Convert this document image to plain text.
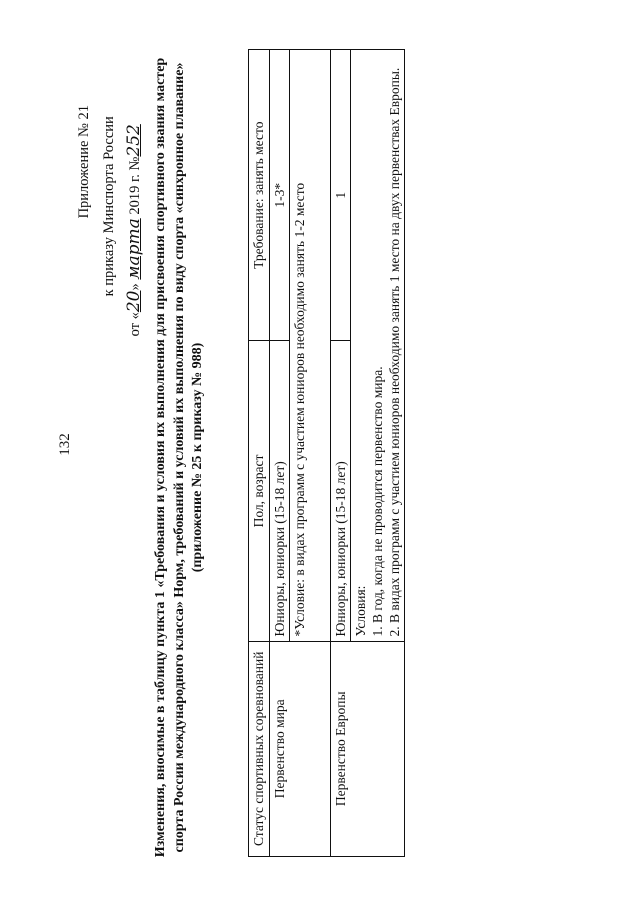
Приложение № 21 к приказу Минспорта России
от «20» марта 2019 г. №252 Изменения, вносимые в таблицу пункта 1 «Требования и условия их выполнения для присвоения спортивного звания мастер спорта России международного класса» Норм, требований и условий их выполнения по виду спорта «синхронное плавание» (приложение № 25 к приказу № 988)
Статус спортивных соревнований	Пол, возраст	Требование: занять место
Первенство мира	Юниоры, юниорки (15-18 лет)	1-3*
	*Условие: в видах программ с участием юниоров необходимо занять 1-2 место	
Первенство Европы	Юниоры, юниорки (15-18 лет)	1

	Условия: 1. В год, когда не проводится первенство мира. 2. В видах программ с участием юниоров необходимо занять 1 место на двух первенствах Европы.	
132
